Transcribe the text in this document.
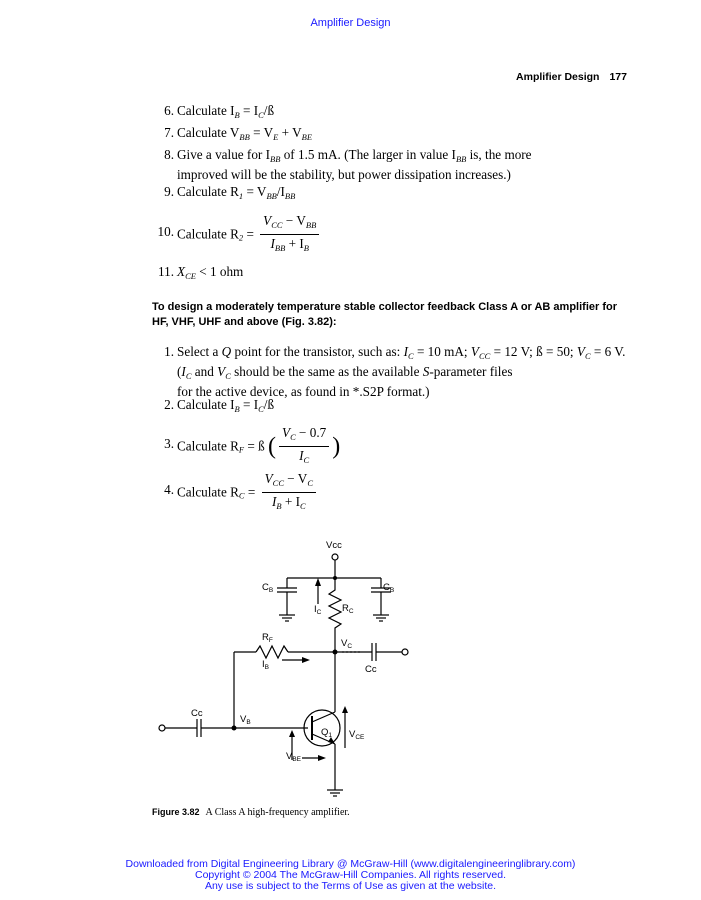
Amplifier Design
Amplifier Design 177
6. Calculate $I_B$ = $I_C/ß$
7. Calculate $V_{BB} = V_E + V_{BE}$
8. Give a value for $I_{BB}$ of 1.5 mA. (The larger in value $I_{BB}$ is, the more
improved will be the stability, but power dissipation increases.)
9. Calculate $R_1 = V_{BB}/I_{BB}$
10. Calculate $R_2 = \frac{V_{CC} - V_{BB}}{I_{BB} + I_B}$
11. $X_{CE} < 1$ ohm
To design a moderately temperature stable collector feedback Class A or AB amplifier for HF, VHF, UHF and above (Fig. 3.82):
1. Select a Q point for the transistor, such as: $I_C = 10$ mA; $V_{CC} = 12$ V; ß = 50; $V_C = 6$ V. ($I_C$ and $V_C$ should be the same as the available S-parameter files
for the active device, as found in *.S2P format.)
2. Calculate $I_B$ = $I_C/ß$
3. Calculate $R_F$ = ß ( $\frac{V_C - 0.7}{I_C}$ )
4. Calculate $R_C = \frac{V_{CC} - V_C}{I_B + I_C}$
Vcc
$C_B$	$C_B$
$I_C$ $R_C$
$R_F$
$I_B$
$V_C$
Cc
Cc
$V_B$
$Q_1$ $V_{CE}$
$V_{BE}$
Figure 3.82 A Class A high-frequency amplifier.
Downloaded from Digital Engineering Library @ McGraw-Hill (www.digitalengineeringlibrary.com)
Copyright © 2004 The McGraw-Hill Companies. All rights reserved.
Any use is subject to the Terms of Use as given at the website.
